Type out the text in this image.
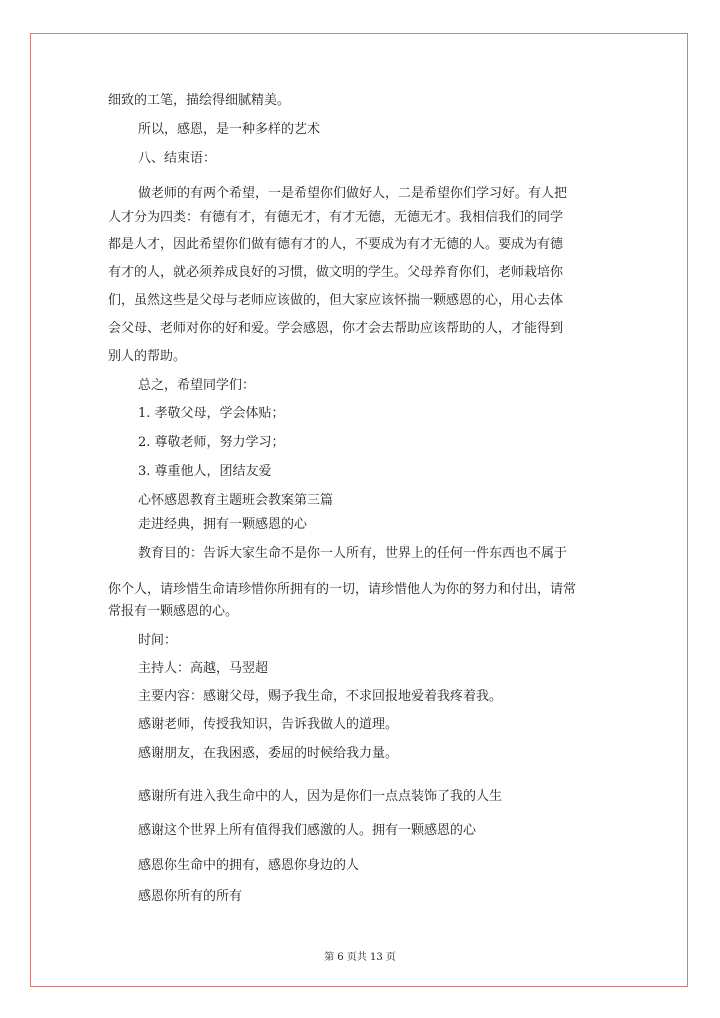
细致的工笔，描绘得细腻精美。
所以，感恩，是一种多样的艺术
八、结束语：
做老师的有两个希望，一是希望你们做好人，二是希望你们学习好。有人把
人才分为四类：有德有才，有德无才，有才无德，无德无才。我相信我们的同学
都是人才，因此希望你们做有德有才的人，不要成为有才无德的人。要成为有德
有才的人，就必须养成良好的习惯，做文明的学生。父母养育你们，老师栽培你
们，虽然这些是父母与老师应该做的，但大家应该怀揣一颗感恩的心，用心去体
会父母、老师对你的好和爱。学会感恩，你才会去帮助应该帮助的人，才能得到
别人的帮助。
总之，希望同学们：
1. 孝敬父母，学会体贴；
2. 尊敬老师，努力学习；
3. 尊重他人，团结友爱
心怀感恩教育主题班会教案第三篇
走进经典，拥有一颗感恩的心
教育目的：告诉大家生命不是你一人所有，世界上的任何一件东西也不属于
你个人，请珍惜生命请珍惜你所拥有的一切，请珍惜他人为你的努力和付出，请常
常报有一颗感恩的心。
时间：
主持人：高越，马翌超
主要内容：感谢父母，赐予我生命，不求回报地爱着我疼着我。
感谢老师，传授我知识，告诉我做人的道理。
感谢朋友，在我困惑，委屈的时候给我力量。
感谢所有进入我生命中的人，因为是你们一点点装饰了我的人生
感谢这个世界上所有值得我们感激的人。拥有一颗感恩的心
感恩你生命中的拥有，感恩你身边的人
感恩你所有的所有
第 6 页共 13 页
